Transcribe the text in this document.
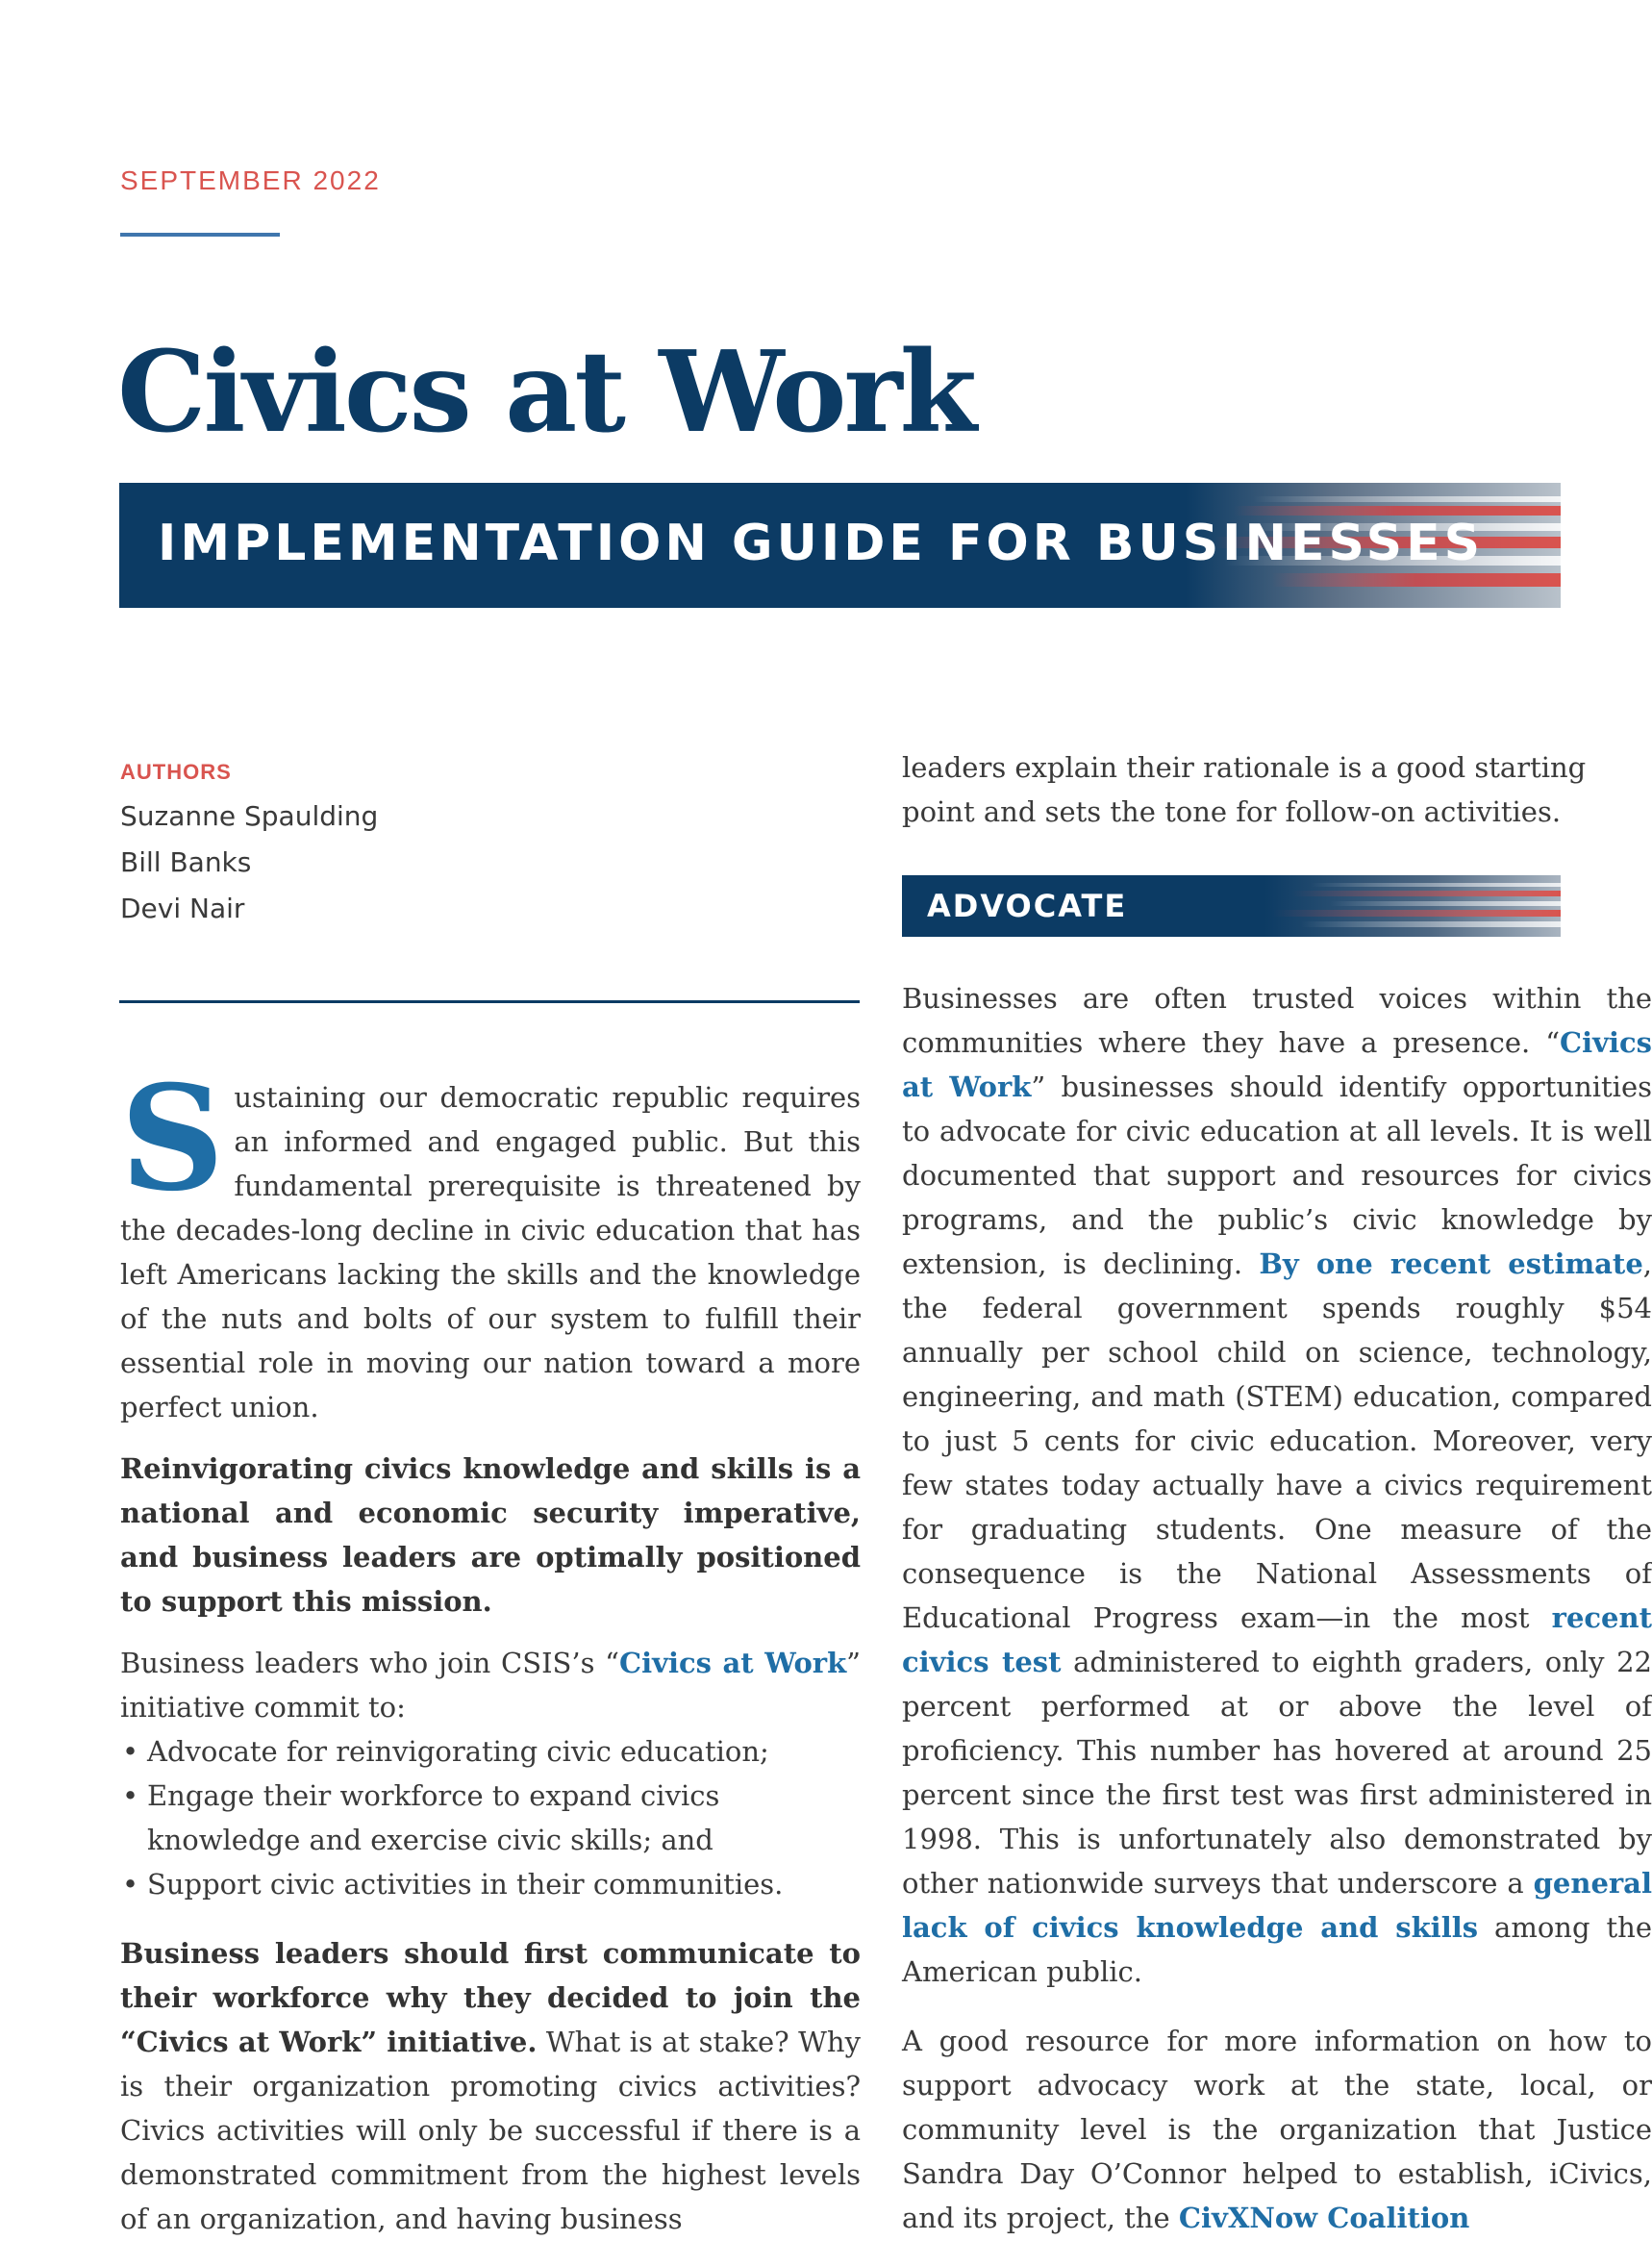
SEPTEMBER 2022
Civics at Work
IMPLEMENTATION GUIDE FOR BUSINESSES
AUTHORS
Suzanne Spaulding
Bill Banks
Devi Nair

Sustaining our democratic republic requires an informed and engaged public. But this fundamental prerequisite is threatened by the decades-long decline in civic education that has left Americans lacking the skills and the knowledge of the nuts and bolts of our system to fulfill their essential role in moving our nation toward a more perfect union.

Reinvigorating civics knowledge and skills is a national and economic security imperative, and business leaders are optimally positioned to support this mission.

Business leaders who join CSIS’s “Civics at Work” initiative commit to:

• Advocate for reinvigorating civic education;
• Engage their workforce to expand civics knowledge and exercise civic skills; and
• Support civic activities in their communities.

Business leaders should first communicate to their workforce why they decided to join the “Civics at Work” initiative. What is at stake? Why is their organization promoting civics activities? Civics activities will only be successful if there is a demonstrated commitment from the highest levels of an organization, and having business

leaders explain their rationale is a good starting point and sets the tone for follow-on activities.
ADVOCATE

Businesses are often trusted voices within the communities where they have a presence. “Civics at Work” businesses should identify opportunities to advocate for civic education at all levels. It is well documented that support and resources for civics programs, and the public’s civic knowledge by extension, is declining. By one recent estimate, the federal government spends roughly $54 annually per school child on science, technology, engineering, and math (STEM) education, compared to just 5 cents for civic education. Moreover, very few states today actually have a civics requirement for graduating students. One measure of the consequence is the National Assessments of Educational Progress exam—in the most recent civics test administered to eighth graders, only 22 percent performed at or above the level of proficiency. This number has hovered at around 25 percent since the first test was first administered in 1998. This is unfortunately also demonstrated by other nationwide surveys that underscore a general lack of civics knowledge and skills among the American public.

A good resource for more information on how to support advocacy work at the state, local, or community level is the organization that Justice Sandra Day O’Connor helped to establish, iCivics, and its project, the CivXNow Coalition
